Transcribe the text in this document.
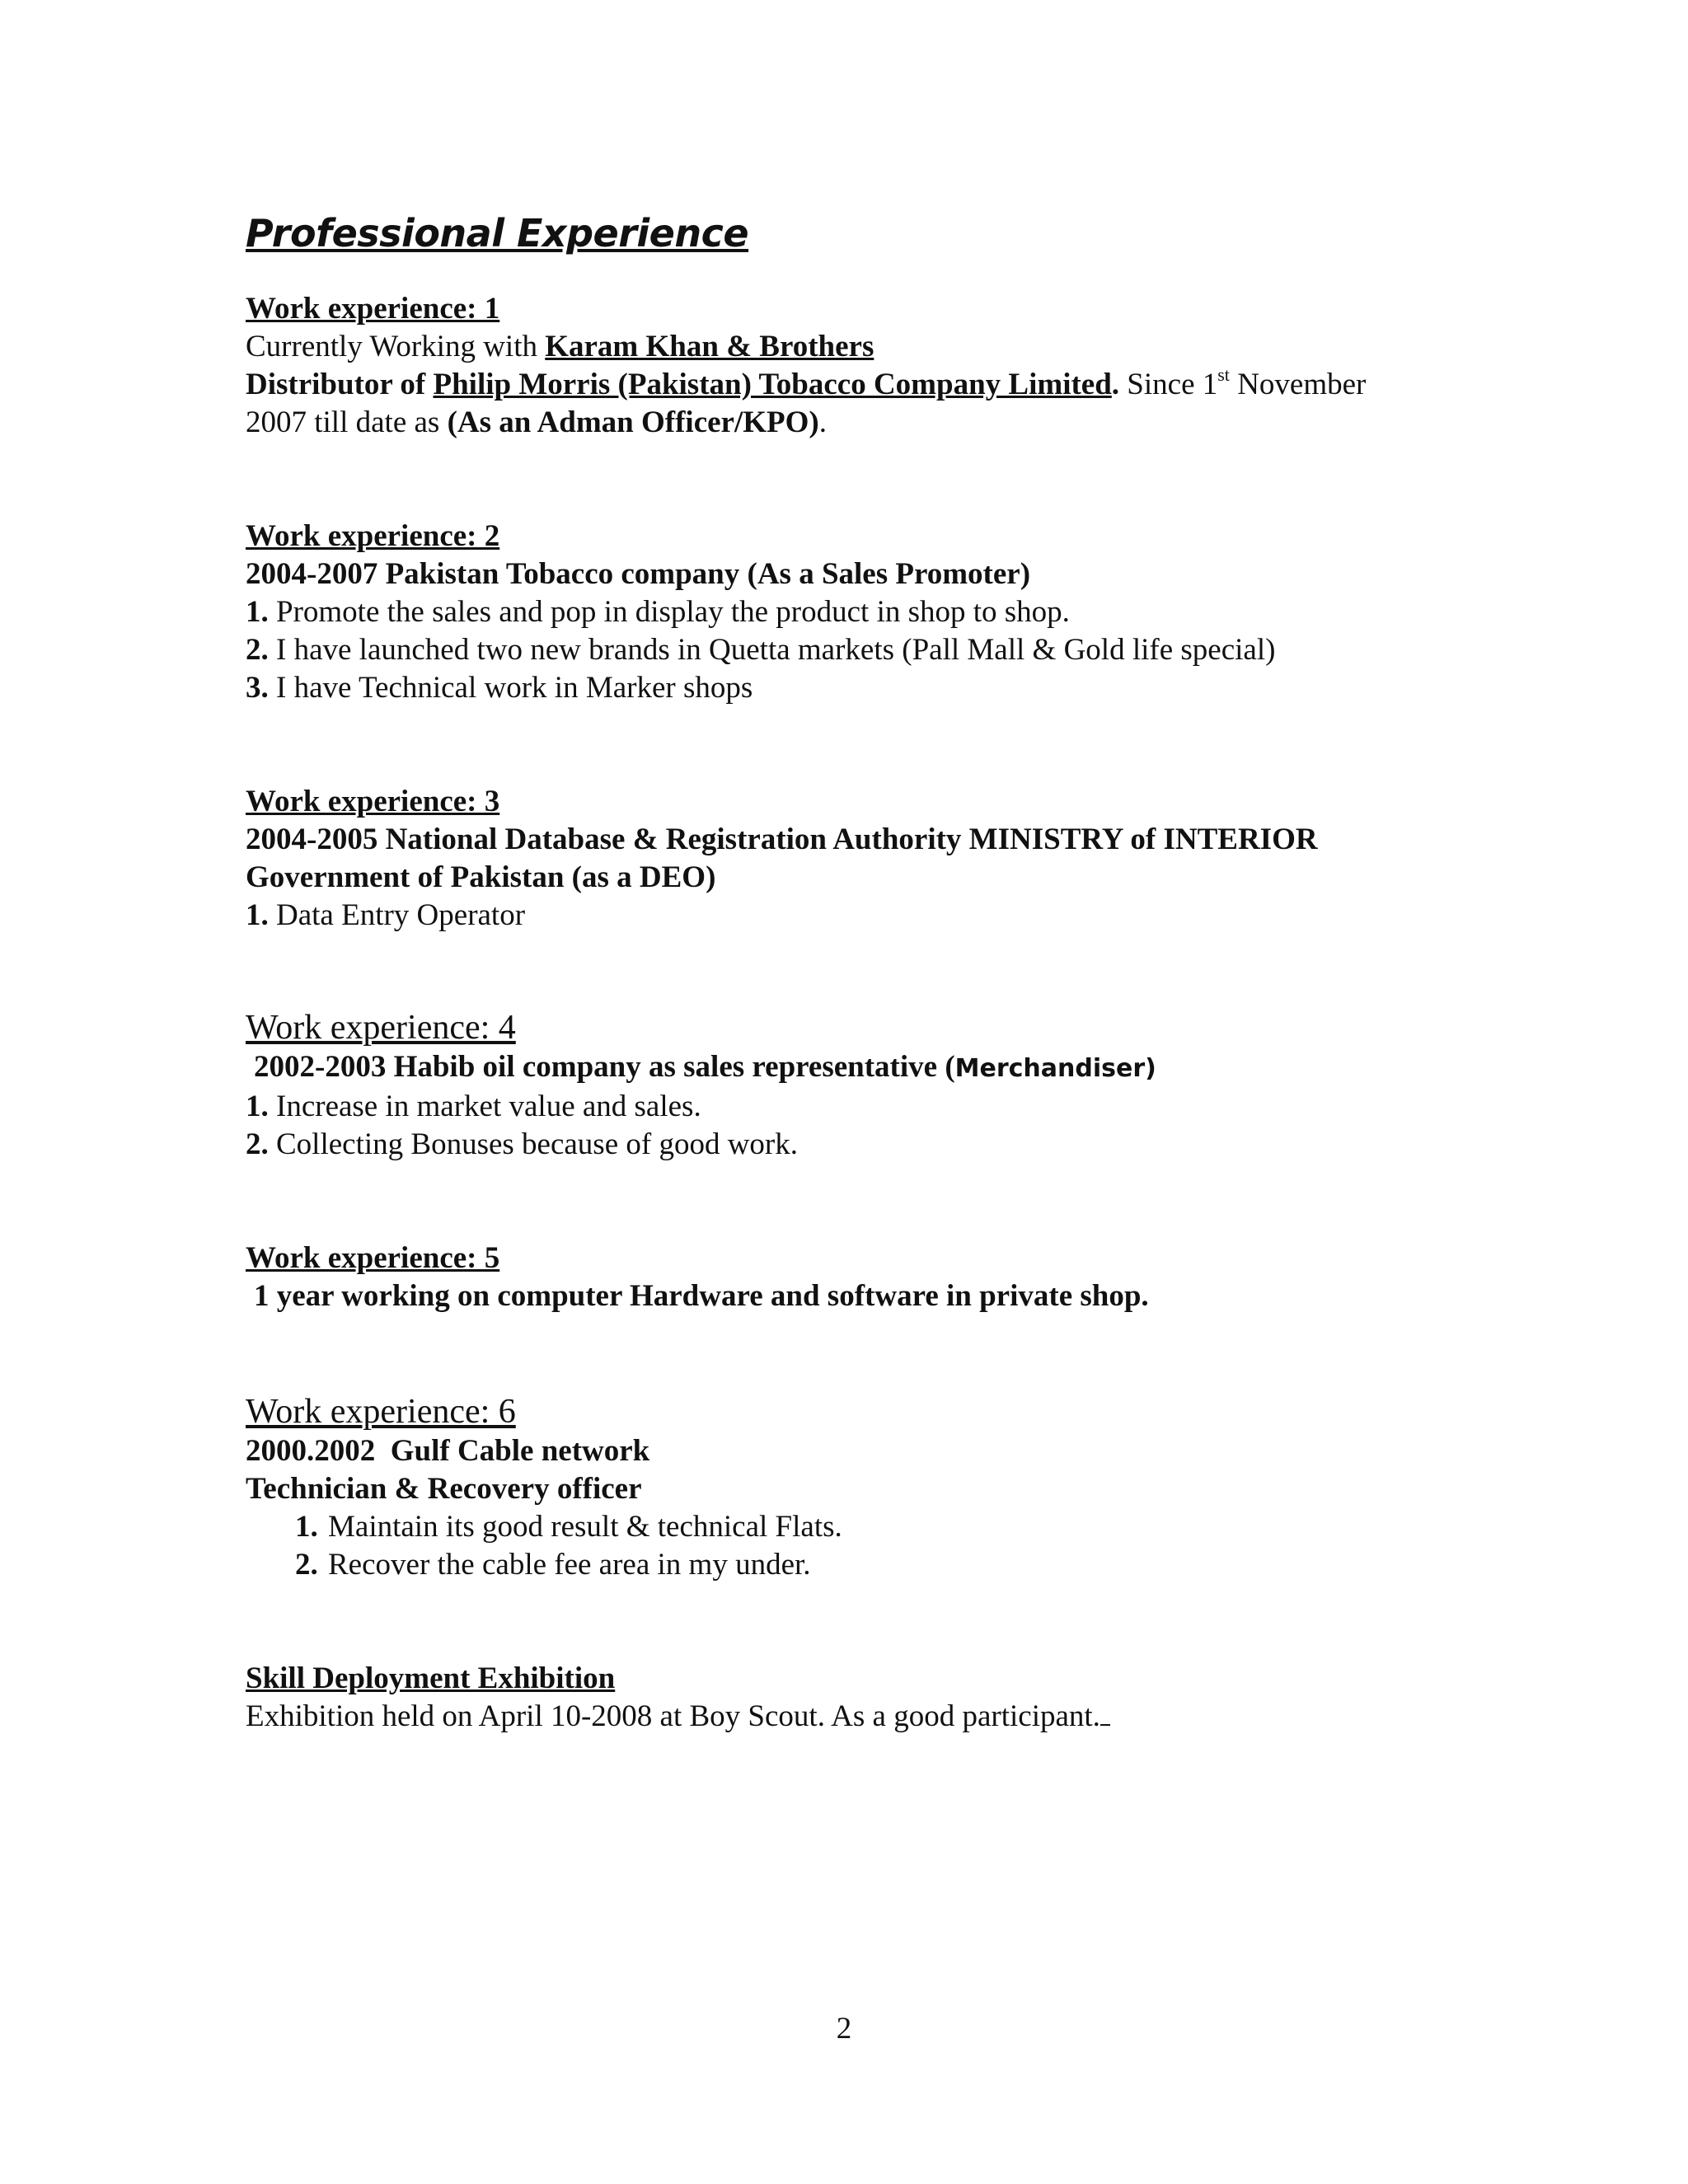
Professional Experience
Work experience: 1
Currently Working with Karam Khan & Brothers
Distributor of Philip Morris (Pakistan) Tobacco Company Limited. Since 1st November
2007 till date as (As an Adman Officer/KPO).
Work experience: 2
2004-2007 Pakistan Tobacco company (As a Sales Promoter)
1. Promote the sales and pop in display the product in shop to shop.
2. I have launched two new brands in Quetta markets (Pall Mall & Gold life special)
3. I have Technical work in Marker shops
Work experience: 3
2004-2005 National Database & Registration Authority MINISTRY of INTERIOR
Government of Pakistan (as a DEO)
1. Data Entry Operator
Work experience: 4
2002-2003 Habib oil company as sales representative (Merchandiser)
1. Increase in market value and sales.
2. Collecting Bonuses because of good work.
Work experience: 5
1 year working on computer Hardware and software in private shop.
Work experience: 6
2000.2002  Gulf Cable network
Technician & Recovery officer
1. Maintain its good result & technical Flats.
2. Recover the cable fee area in my under.
Skill Deployment Exhibition
Exhibition held on April 10-2008 at Boy Scout. As a good participant.
2
